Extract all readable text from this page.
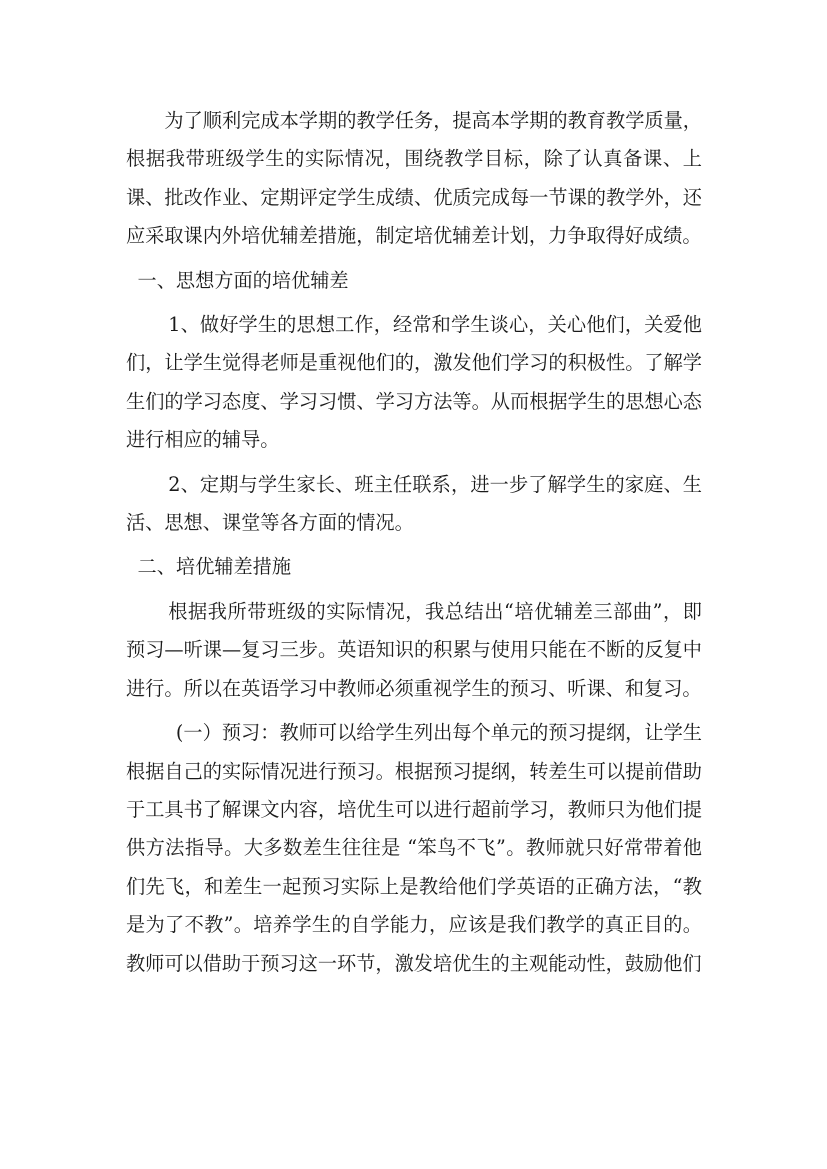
为了顺利完成本学期的教学任务，提高本学期的教育教学质量，根据我带班级学生的实际情况，围绕教学目标，除了认真备课、上课、批改作业、定期评定学生成绩、优质完成每一节课的教学外，还应采取课内外培优辅差措施，制定培优辅差计划，力争取得好成绩。

一、思想方面的培优辅差

1、做好学生的思想工作，经常和学生谈心，关心他们，关爱他们，让学生觉得老师是重视他们的，激发他们学习的积极性。了解学生们的学习态度、学习习惯、学习方法等。从而根据学生的思想心态进行相应的辅导。

2、定期与学生家长、班主任联系，进一步了解学生的家庭、生活、思想、课堂等各方面的情况。

二、培优辅差措施

根据我所带班级的实际情况，我总结出“培优辅差三部曲”，即预习—听课—复习三步。英语知识的积累与使用只能在不断的反复中进行。所以在英语学习中教师必须重视学生的预习、听课、和复习。

(一）预习：教师可以给学生列出每个单元的预习提纲，让学生根据自己的实际情况进行预习。根据预习提纲，转差生可以提前借助于工具书了解课文内容，培优生可以进行超前学习，教师只为他们提供方法指导。大多数差生往往是 “笨鸟不飞”。教师就只好常带着他们先飞，和差生一起预习实际上是教给他们学英语的正确方法，“教是为了不教”。培养学生的自学能力，应该是我们教学的真正目的。教师可以借助于预习这一环节，激发培优生的主观能动性，鼓励他们
